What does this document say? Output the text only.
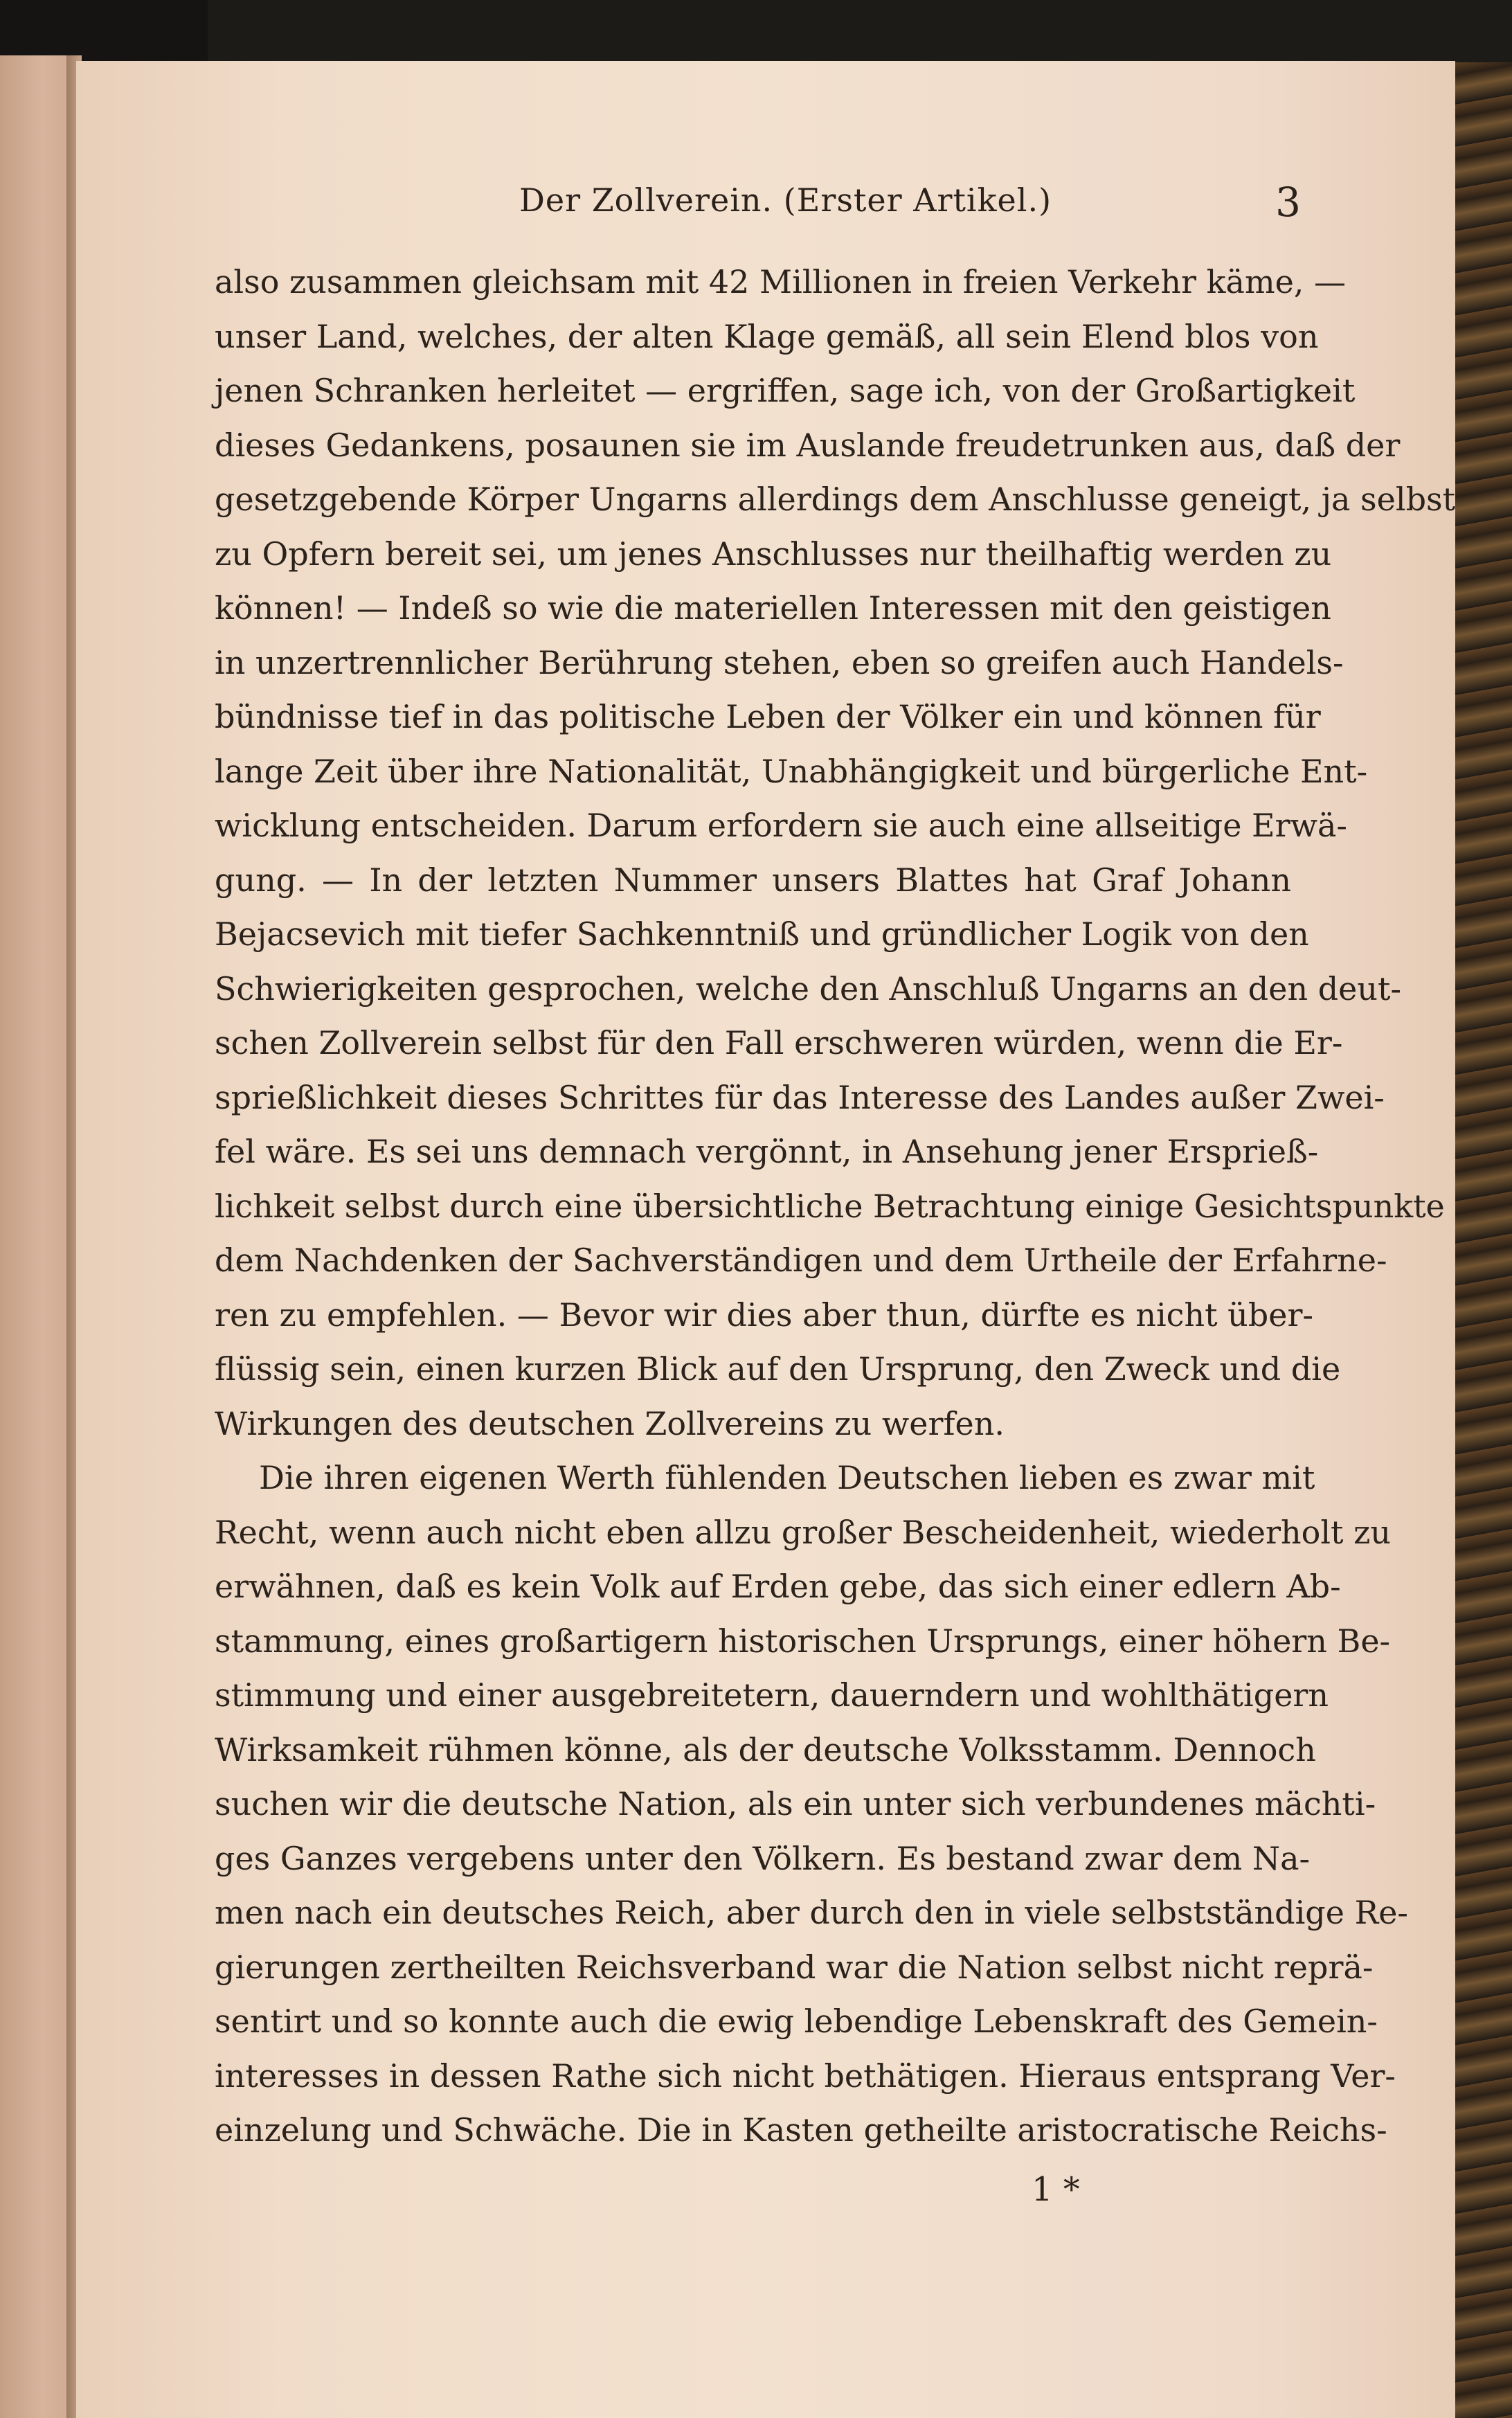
Der Zollverein. (Erster Artikel.)	3
also zusammen gleichsam mit 42 Millionen in freien Verkehr käme, —
unser Land, welches, der alten Klage gemäß, all sein Elend blos von
jenen Schranken herleitet — ergriffen, sage ich, von der Großartigkeit
dieses Gedankens, posaunen sie im Auslande freudetrunken aus, daß der
gesetzgebende Körper Ungarns allerdings dem Anschlusse geneigt, ja selbst
zu Opfern bereit sei, um jenes Anschlusses nur theilhaftig werden zu
können! — Indeß so wie die materiellen Interessen mit den geistigen
in unzertrennlicher Berührung stehen, eben so greifen auch Handels-
bündnisse tief in das politische Leben der Völker ein und können für
lange Zeit über ihre Nationalität, Unabhängigkeit und bürgerliche Ent-
wicklung entscheiden. Darum erfordern sie auch eine allseitige Erwä-
gung. — In der letzten Nummer unsers Blattes hat Graf Johann
Bejacsevich mit tiefer Sachkenntniß und gründlicher Logik von den
Schwierigkeiten gesprochen, welche den Anschluß Ungarns an den deut-
schen Zollverein selbst für den Fall erschweren würden, wenn die Er-
sprießlichkeit dieses Schrittes für das Interesse des Landes außer Zwei-
fel wäre. Es sei uns demnach vergönnt, in Ansehung jener Ersprieß-
lichkeit selbst durch eine übersichtliche Betrachtung einige Gesichtspunkte
dem Nachdenken der Sachverständigen und dem Urtheile der Erfahrne-
ren zu empfehlen. — Bevor wir dies aber thun, dürfte es nicht über-
flüssig sein, einen kurzen Blick auf den Ursprung, den Zweck und die
Wirkungen des deutschen Zollvereins zu werfen.
Die ihren eigenen Werth fühlenden Deutschen lieben es zwar mit
Recht, wenn auch nicht eben allzu großer Bescheidenheit, wiederholt zu
erwähnen, daß es kein Volk auf Erden gebe, das sich einer edlern Ab-
stammung, eines großartigern historischen Ursprungs, einer höhern Be-
stimmung und einer ausgebreitetern, dauerndern und wohlthätigern
Wirksamkeit rühmen könne, als der deutsche Volksstamm. Dennoch
suchen wir die deutsche Nation, als ein unter sich verbundenes mächti-
ges Ganzes vergebens unter den Völkern. Es bestand zwar dem Na-
men nach ein deutsches Reich, aber durch den in viele selbstständige Re-
gierungen zertheilten Reichsverband war die Nation selbst nicht reprä-
sentirt und so konnte auch die ewig lebendige Lebenskraft des Gemein-
interesses in dessen Rathe sich nicht bethätigen. Hieraus entsprang Ver-
einzelung und Schwäche. Die in Kasten getheilte aristocratische Reichs-
1 *
